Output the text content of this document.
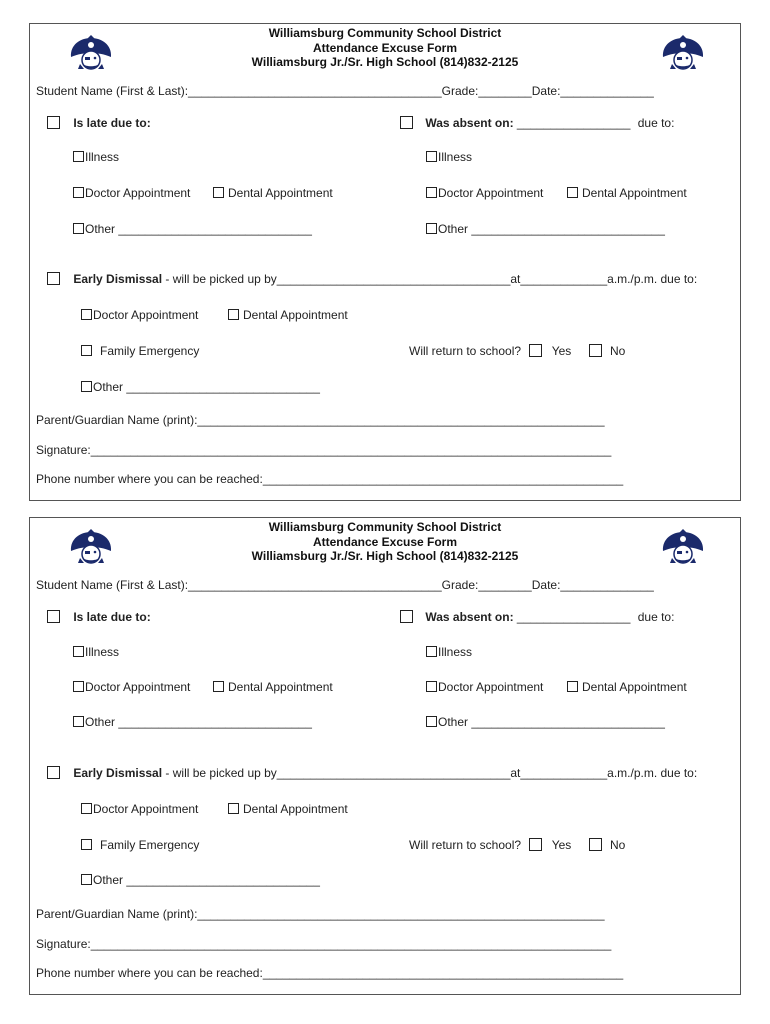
Williamsburg Community School District
Attendance Excuse Form
Williamsburg Jr./Sr. High School (814)832-2125
Student Name (First & Last):______________________________________Grade:________Date:______________
Is late due to:
Illness
Doctor Appointment	Dental Appointment
Other _____________________________
Was absent on: _________________ due to:
Illness
Doctor Appointment	Dental Appointment
Other _____________________________
Early Dismissal - will be picked up by___________________________________at_____________a.m./p.m. due to:
Doctor Appointment	Dental Appointment
Family Emergency
Other _____________________________
Will return to school?	Yes	No
Parent/Guardian Name (print):_____________________________________________________________
Signature:______________________________________________________________________________
Phone number where you can be reached:______________________________________________________
Williamsburg Community School District
Attendance Excuse Form
Williamsburg Jr./Sr. High School (814)832-2125
Student Name (First & Last):______________________________________Grade:________Date:______________
Is late due to:
Illness
Doctor Appointment	Dental Appointment
Other _____________________________
Was absent on: _________________ due to:
Illness
Doctor Appointment	Dental Appointment
Other _____________________________
Early Dismissal - will be picked up by___________________________________at_____________a.m./p.m. due to:
Doctor Appointment	Dental Appointment
Family Emergency
Other _____________________________
Will return to school?	Yes	No
Parent/Guardian Name (print):_____________________________________________________________
Signature:______________________________________________________________________________
Phone number where you can be reached:______________________________________________________
